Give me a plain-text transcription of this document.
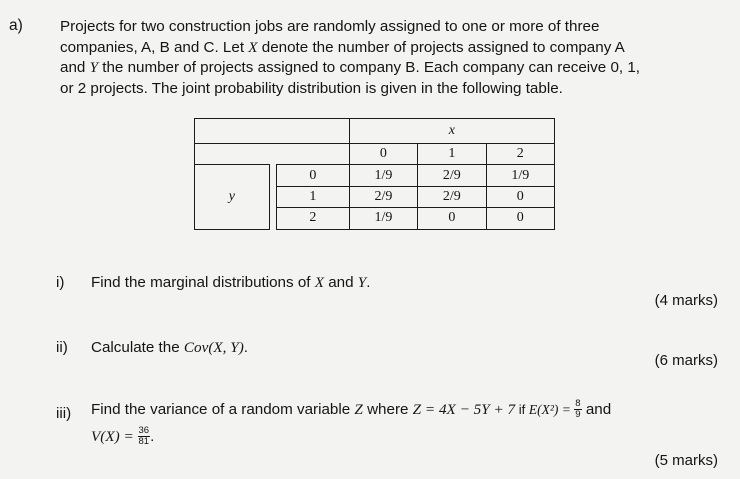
a) Projects for two construction jobs are randomly assigned to one or more of three
companies, A, B and C. Let X denote the number of projects assigned to company A
and Y the number of projects assigned to company B. Each company can receive 0, 1,
or 2 projects. The joint probability distribution is given in the following table.
			x		
			0	1	2
y		0	1/9	2/9	1/9
		1	2/9	2/9	0
		2	1/9	0	0
i) Find the marginal distributions of X and Y.
(4 marks)
ii) Calculate the Cov(X, Y).
(6 marks)
iii) Find the variance of a random variable Z where Z = 4X − 5Y + 7 if $E(X^2) = \frac{8}{9}$ and
$V(X) = \frac{36}{81}$ .
(5 marks)
